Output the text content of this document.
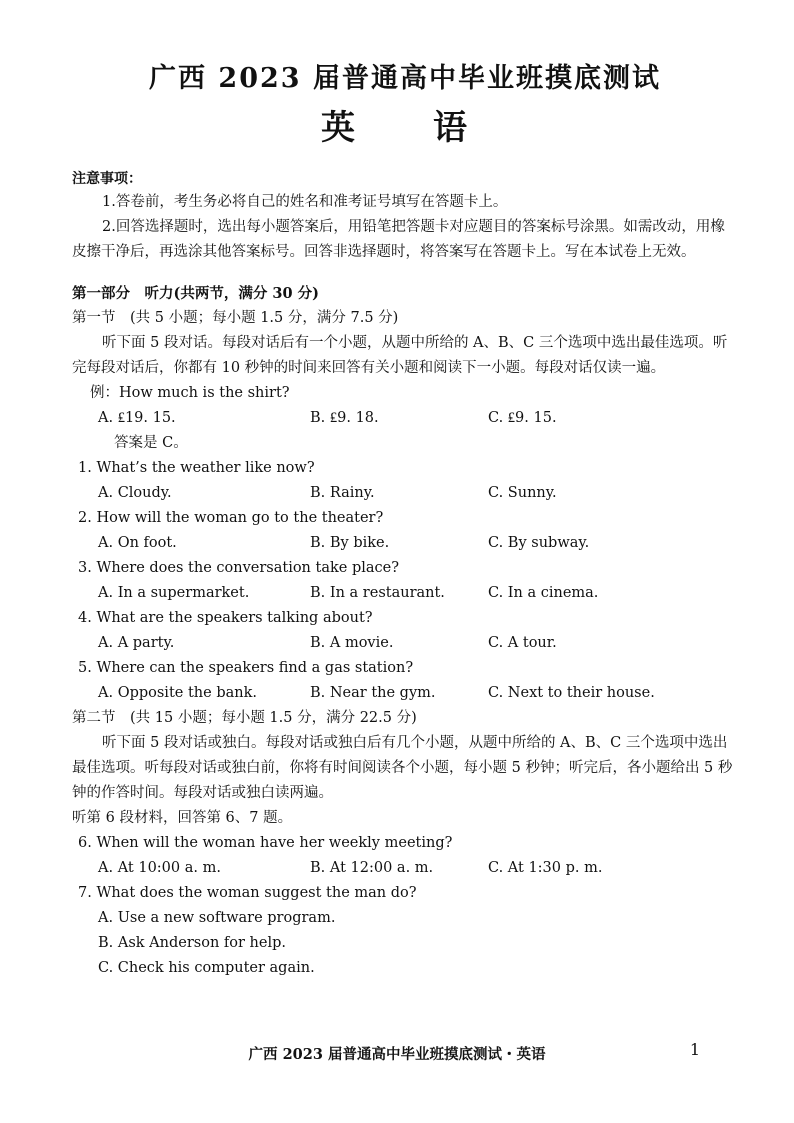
广西 2023 届普通高中毕业班摸底测试
英　语
注意事项：

1.答卷前，考生务必将自己的姓名和准考证号填写在答题卡上。

2.回答选择题时，选出每小题答案后，用铅笔把答题卡对应题目的答案标号涂黑。如需改动，用橡皮擦干净后，再选涂其他答案标号。回答非选择题时，将答案写在答题卡上。写在本试卷上无效。

第一部分　听力(共两节，满分 30 分)
第一节　(共 5 小题；每小题 1.5 分，满分 7.5 分)

听下面 5 段对话。每段对话后有一个小题，从题中所给的 A、B、C 三个选项中选出最佳选项。听完每段对话后，你都有 10 秒钟的时间来回答有关小题和阅读下一小题。每段对话仅读一遍。

例：How much is the shirt?
A. ₤19. 15.	B. ₤9. 18.	C. ₤9. 15.
答案是 C。
1. What’s the weather like now?
A. Cloudy.	B. Rainy.	C. Sunny.
2. How will the woman go to the theater?
A. On foot.	B. By bike.	C. By subway.
3. Where does the conversation take place?
A. In a supermarket.	B. In a restaurant.	C. In a cinema.
4. What are the speakers talking about?
A. A party.	B. A movie.	C. A tour.
5. Where can the speakers find a gas station?
A. Opposite the bank.	B. Near the gym.	C. Next to their house.
第二节　(共 15 小题；每小题 1.5 分，满分 22.5 分)

听下面 5 段对话或独白。每段对话或独白后有几个小题，从题中所给的 A、B、C 三个选项中选出最佳选项。听每段对话或独白前，你将有时间阅读各个小题，每小题 5 秒钟；听完后，各小题给出 5 秒钟的作答时间。每段对话或独白读两遍。

听第 6 段材料，回答第 6、7 题。
6. When will the woman have her weekly meeting?
A. At 10:00 a. m.	B. At 12:00 a. m.	C. At 1:30 p. m.
7. What does the woman suggest the man do?
A. Use a new software program.
B. Ask Anderson for help.
C. Check his computer again.
广西 2023 届普通高中毕业班摸底测试・英语	1
